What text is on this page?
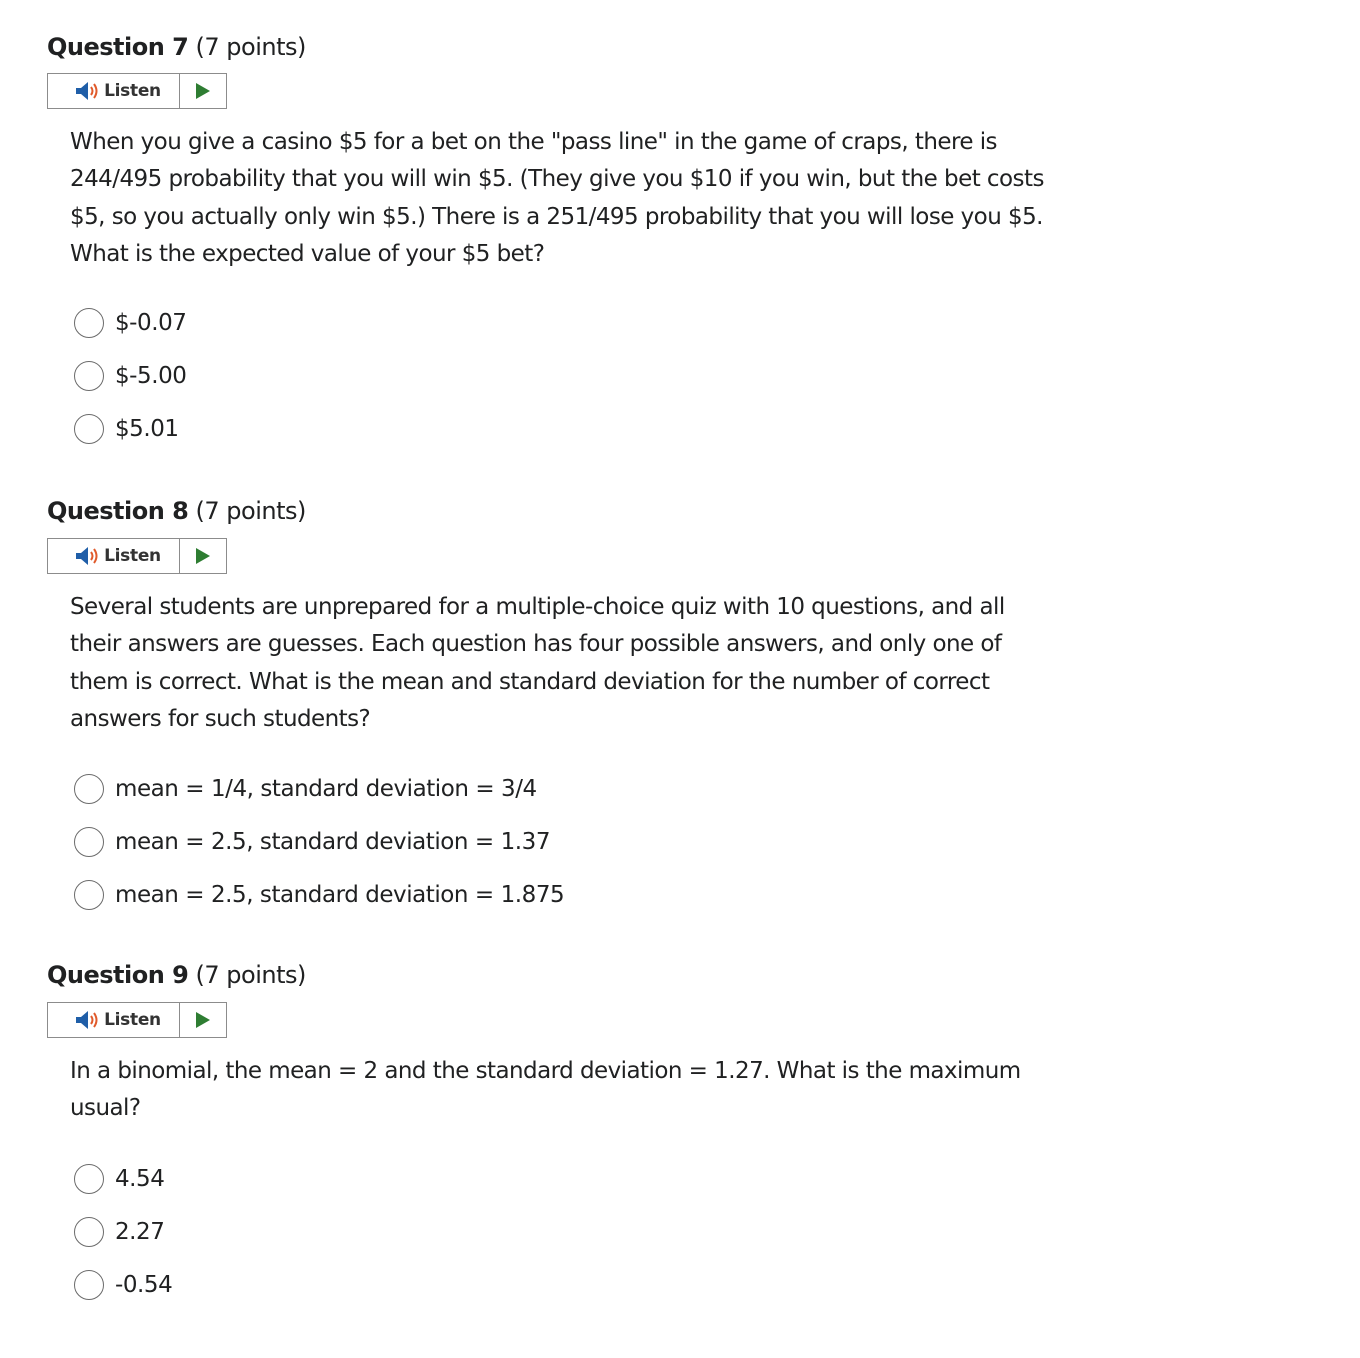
Question 7 (7 points)
Listen

When you give a casino $5 for a bet on the "pass line" in the game of craps, there is 244/495 probability that you will win $5. (They give you $10 if you win, but the bet costs $5, so you actually only win $5.) There is a 251/495 probability that you will lose you $5. What is the expected value of your $5 bet?

$-0.07
$-5.00
$5.01
Question 8 (7 points)
Listen

Several students are unprepared for a multiple-choice quiz with 10 questions, and all their answers are guesses. Each question has four possible answers, and only one of them is correct. What is the mean and standard deviation for the number of correct answers for such students?

mean = 1/4, standard deviation = 3/4
mean = 2.5, standard deviation = 1.37
mean = 2.5, standard deviation = 1.875
Question 9 (7 points)
Listen

In a binomial, the mean = 2 and the standard deviation = 1.27. What is the maximum usual?

4.54
2.27
-0.54
